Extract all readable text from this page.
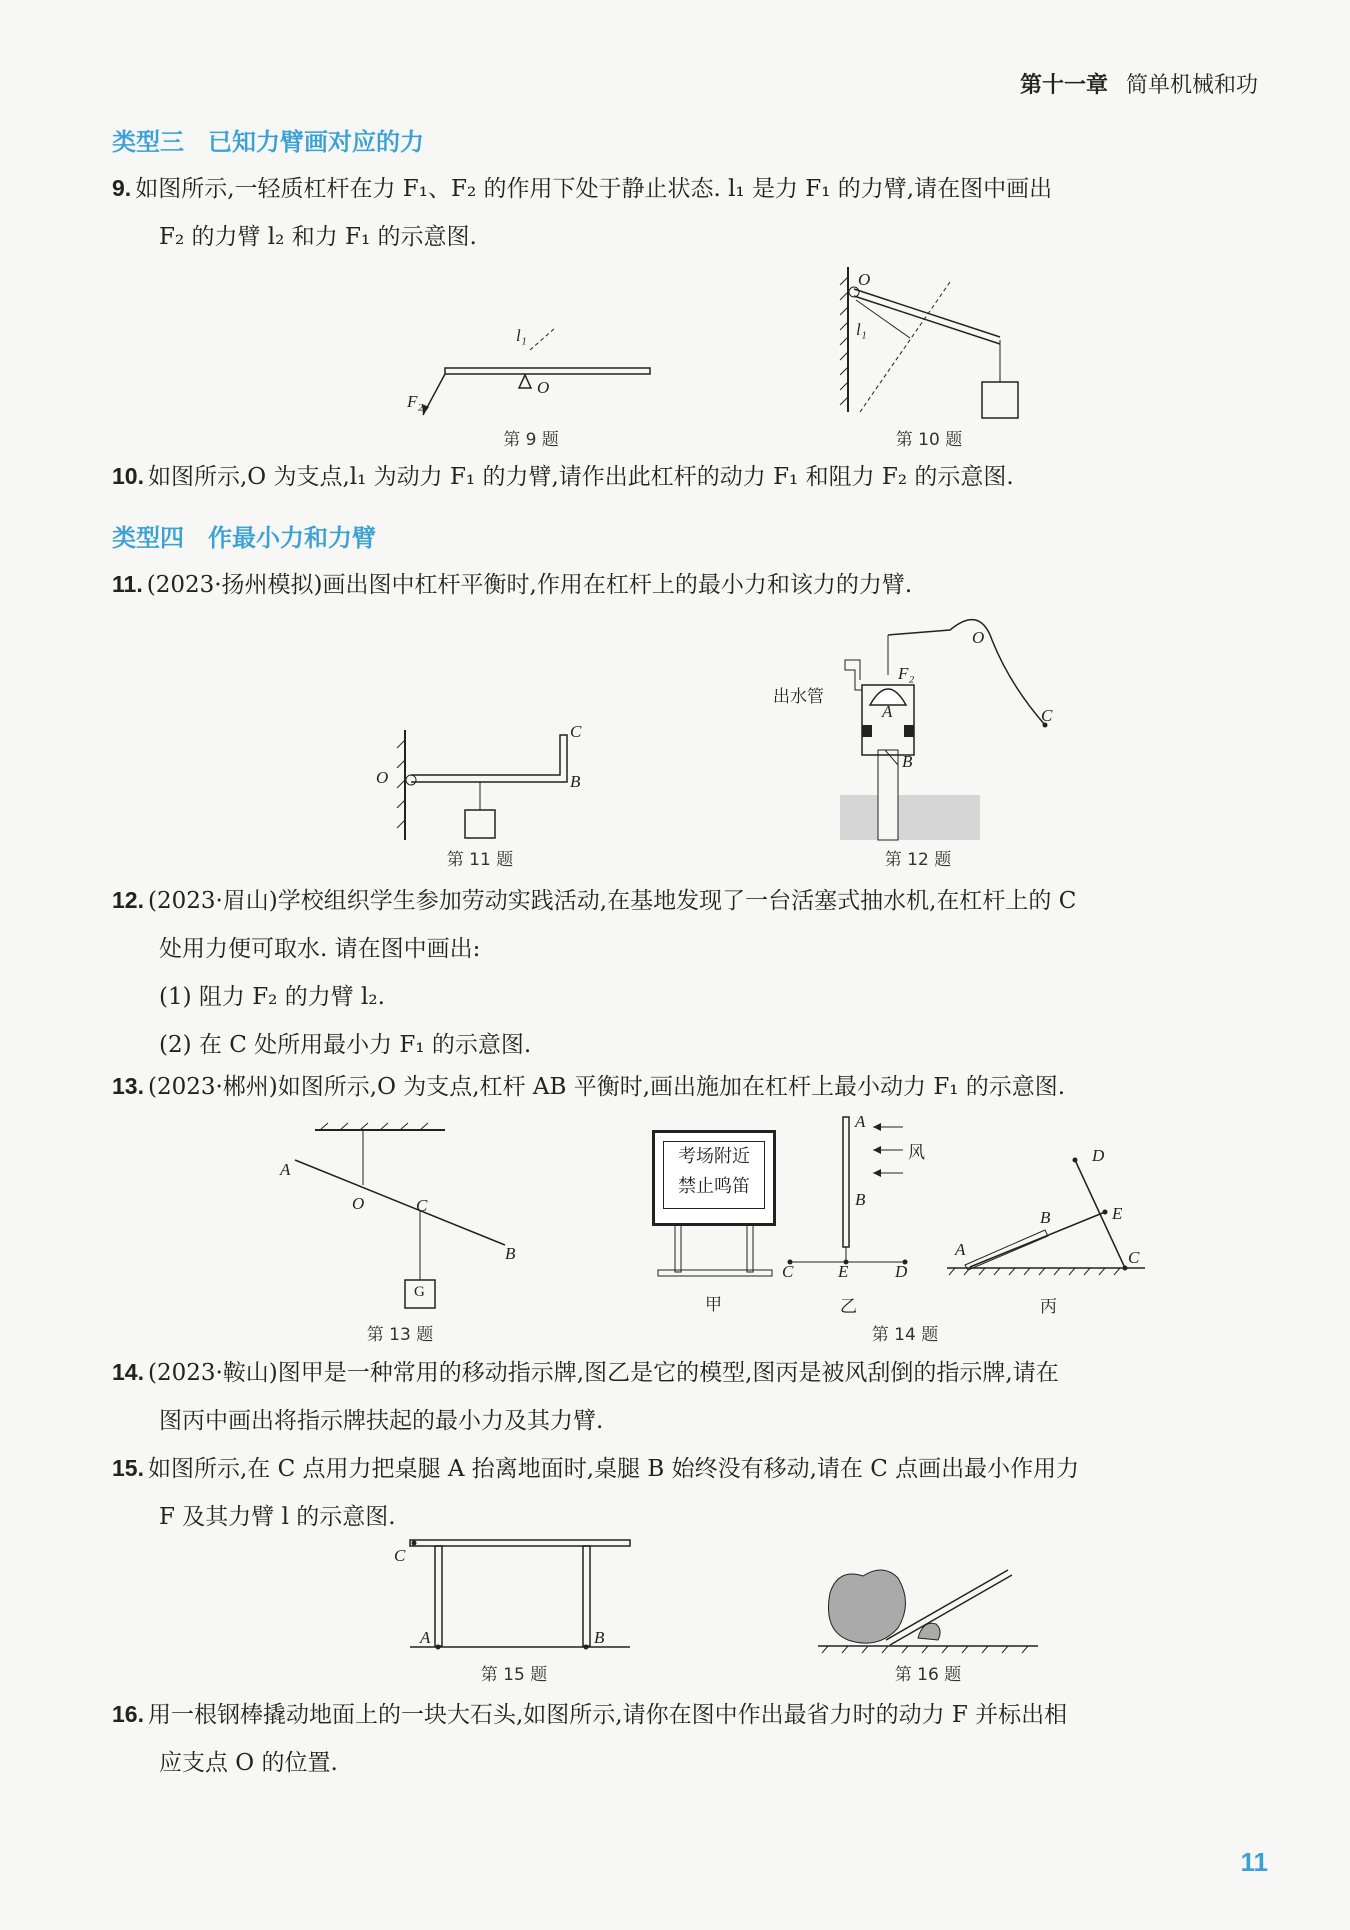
第十一章 简单机械和功
类型三 已知力臂画对应的力
9. 如图所示,一轻质杠杆在力 F₁、F₂ 的作用下处于静止状态. l₁ 是力 F₁ 的力臂,请在图中画出
F₂ 的力臂 l₂ 和力 F₁ 的示意图.
l₁
F₂
O
第 9 题
O
l₁
第 10 题
10. 如图所示,O 为支点,l₁ 为动力 F₁ 的力臂,请作出此杠杆的动力 F₁ 和阻力 F₂ 的示意图.
类型四 作最小力和力臂
11. (2023·扬州模拟)画出图中杠杆平衡时,作用在杠杆上的最小力和该力的力臂.
O
C
B
第 11 题
出水管
O
F₂
A
B
C
第 12 题
12. (2023·眉山)学校组织学生参加劳动实践活动,在基地发现了一台活塞式抽水机,在杠杆上的 C
处用力便可取水. 请在图中画出:
(1) 阻力 F₂ 的力臂 l₂.
(2) 在 C 处所用最小力 F₁ 的示意图.
13. (2023·郴州)如图所示,O 为支点,杠杆 AB 平衡时,画出施加在杠杆上最小动力 F₁ 的示意图.
A
O	C
B
G
第 13 题
考场附近
禁止鸣笛
甲
A
风
B
C	E	D
乙
D
E
B
A	C
丙
第 14 题
14. (2023·鞍山)图甲是一种常用的移动指示牌,图乙是它的模型,图丙是被风刮倒的指示牌,请在
图丙中画出将指示牌扶起的最小力及其力臂.
15. 如图所示,在 C 点用力把桌腿 A 抬离地面时,桌腿 B 始终没有移动,请在 C 点画出最小作用力
F 及其力臂 l 的示意图.
C
A	B
第 15 题	第 16 题
16. 用一根钢棒撬动地面上的一块大石头,如图所示,请你在图中作出最省力时的动力 F 并标出相
应支点 O 的位置.
11
